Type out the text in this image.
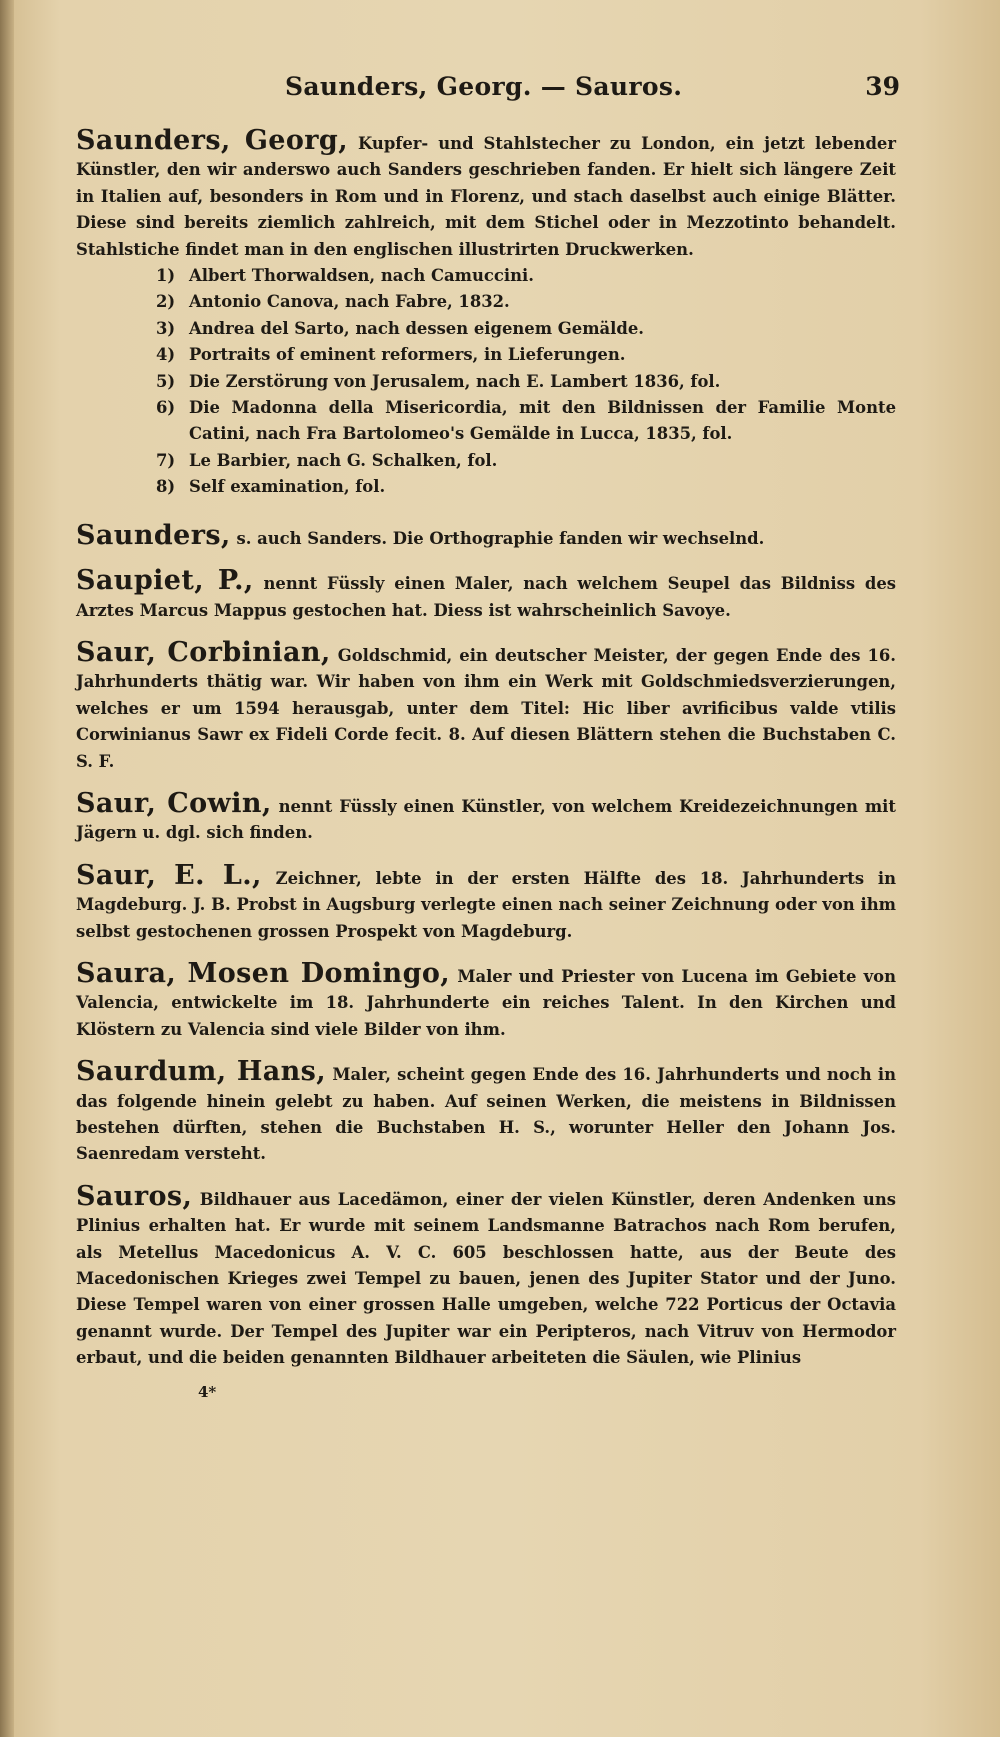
Saunders, Georg. — Sauros.	39

Saunders, Georg, Kupfer- und Stahlstecher zu London, ein jetzt lebender Künstler, den wir anderswo auch Sanders geschrieben fanden. Er hielt sich längere Zeit in Italien auf, besonders in Rom und in Florenz, und stach daselbst auch einige Blätter. Diese sind bereits ziemlich zahlreich, mit dem Stichel oder in Mezzotinto behandelt. Stahlstiche findet man in den englischen illustrirten Druckwerken.

1) Albert Thorwaldsen, nach Camuccini.
2) Antonio Canova, nach Fabre, 1832.
3) Andrea del Sarto, nach dessen eigenem Gemälde.
4) Portraits of eminent reformers, in Lieferungen.
5) Die Zerstörung von Jerusalem, nach E. Lambert 1836, fol.
6) Die Madonna della Misericordia, mit den Bildnissen der Familie Monte Catini, nach Fra Bartolomeo's Gemälde in Lucca, 1835, fol.
7) Le Barbier, nach G. Schalken, fol.
8) Self examination, fol.

Saunders, s. auch Sanders. Die Orthographie fanden wir wechselnd.

Saupiet, P., nennt Füssly einen Maler, nach welchem Seupel das Bildniss des Arztes Marcus Mappus gestochen hat. Diess ist wahrscheinlich Savoye.

Saur, Corbinian, Goldschmid, ein deutscher Meister, der gegen Ende des 16. Jahrhunderts thätig war. Wir haben von ihm ein Werk mit Goldschmiedsverzierungen, welches er um 1594 herausgab, unter dem Titel: Hic liber avrificibus valde vtilis Corwinianus Sawr ex Fideli Corde fecit. 8. Auf diesen Blättern stehen die Buchstaben C. S. F.

Saur, Cowin, nennt Füssly einen Künstler, von welchem Kreidezeichnungen mit Jägern u. dgl. sich finden.

Saur, E. L., Zeichner, lebte in der ersten Hälfte des 18. Jahrhunderts in Magdeburg. J. B. Probst in Augsburg verlegte einen nach seiner Zeichnung oder von ihm selbst gestochenen grossen Prospekt von Magdeburg.

Saura, Mosen Domingo, Maler und Priester von Lucena im Gebiete von Valencia, entwickelte im 18. Jahrhunderte ein reiches Talent. In den Kirchen und Klöstern zu Valencia sind viele Bilder von ihm.

Saurdum, Hans, Maler, scheint gegen Ende des 16. Jahrhunderts und noch in das folgende hinein gelebt zu haben. Auf seinen Werken, die meistens in Bildnissen bestehen dürften, stehen die Buchstaben H. S., worunter Heller den Johann Jos. Saenredam versteht.

Sauros, Bildhauer aus Lacedämon, einer der vielen Künstler, deren Andenken uns Plinius erhalten hat. Er wurde mit seinem Landsmanne Batrachos nach Rom berufen, als Metellus Macedonicus A. V. C. 605 beschlossen hatte, aus der Beute des Macedonischen Krieges zwei Tempel zu bauen, jenen des Jupiter Stator und der Juno. Diese Tempel waren von einer grossen Halle umgeben, welche 722 Porticus der Octavia genannt wurde. Der Tempel des Jupiter war ein Peripteros, nach Vitruv von Hermodor erbaut, und die beiden genannten Bildhauer arbeiteten die Säulen, wie Plinius

4*
